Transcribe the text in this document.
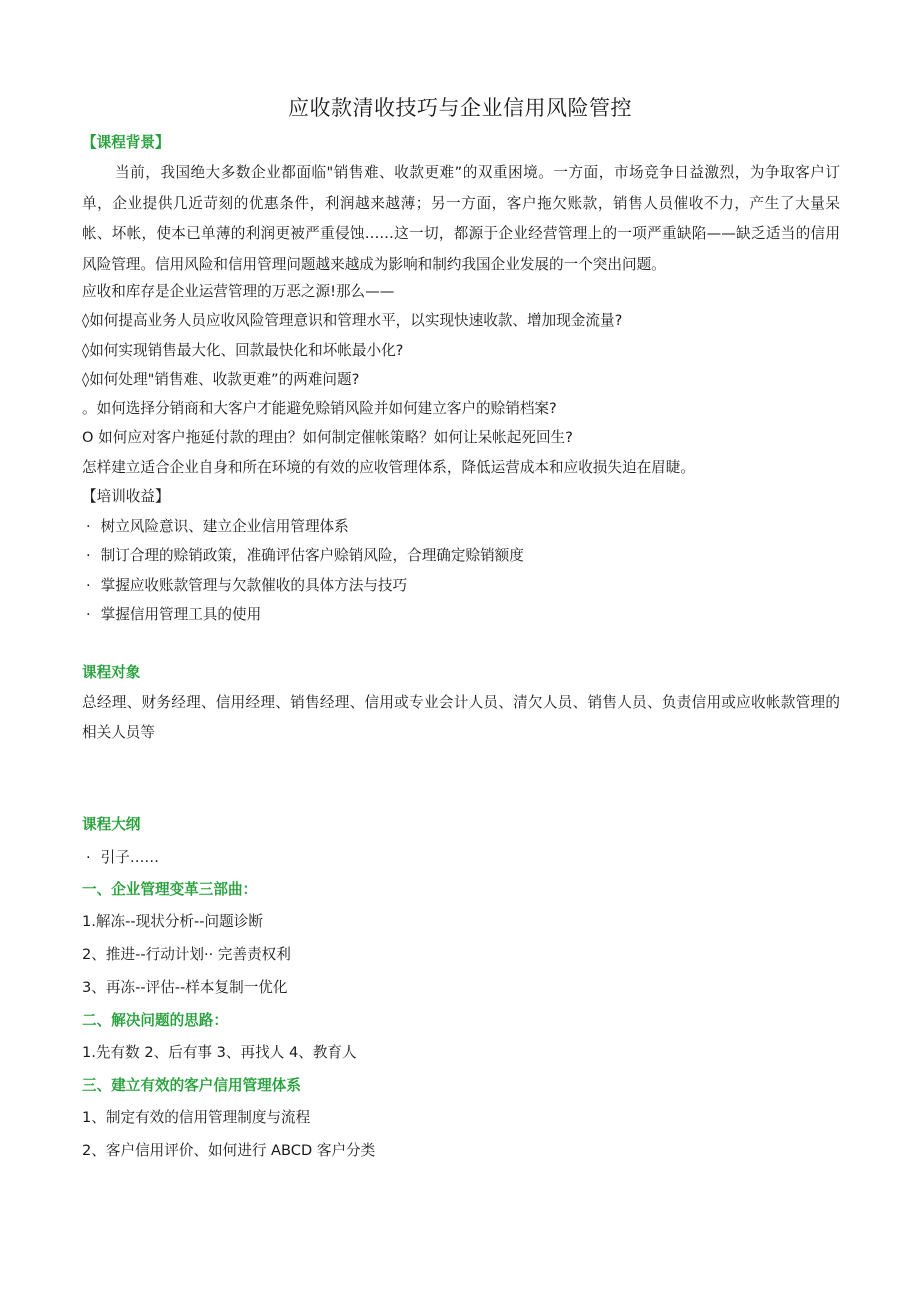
应收款清收技巧与企业信用风险管控
【课程背景】
当前，我国绝大多数企业都面临"销售难、收款更难”的双重困境。一方面，市场竞争日益激烈，为争取客户订单，企业提供几近苛刻的优惠条件，利润越来越薄；另一方面，客户拖欠账款，销售人员催收不力，产生了大量呆帐、坏帐，使本已单薄的利润更被严重侵蚀……这一切，都源于企业经营管理上的一项严重缺陷——缺乏适当的信用风险管理。信用风险和信用管理问题越来越成为影响和制约我国企业发展的一个突出问题。
应收和库存是企业运营管理的万恶之源!那么——
◊如何提高业务人员应收风险管理意识和管理水平，以实现快速收款、增加现金流量?
◊如何实现销售最大化、回款最快化和坏帐最小化?
◊如何处理"销售难、收款更难”的两难问题?
。如何选择分销商和大客户才能避免赊销风险并如何建立客户的赊销档案?
O 如何应对客户拖延付款的理由？如何制定催帐策略？如何让呆帐起死回生?
怎样建立适合企业自身和所在环境的有效的应收管理体系，降低运营成本和应收损失迫在眉睫。
【培训收益】
· 树立风险意识、建立企业信用管理体系
· 制订合理的赊销政策，准确评估客户赊销风险，合理确定赊销额度
· 掌握应收账款管理与欠款催收的具体方法与技巧
· 掌握信用管理工具的使用
课程对象
总经理、财务经理、信用经理、销售经理、信用或专业会计人员、清欠人员、销售人员、负责信用或应收帐款管理的相关人员等
课程大纲
· 引子……
一、企业管理变革三部曲：
1.解冻--现状分析--问题诊断
2、推进--行动计划·· 完善责权利
3、再冻--评估--样本复制一优化
二、解决问题的思路：
1.先有数 2、后有事 3、再找人 4、教育人
三、建立有效的客户信用管理体系
1、制定有效的信用管理制度与流程
2、客户信用评价、如何进行 ABCD 客户分类
